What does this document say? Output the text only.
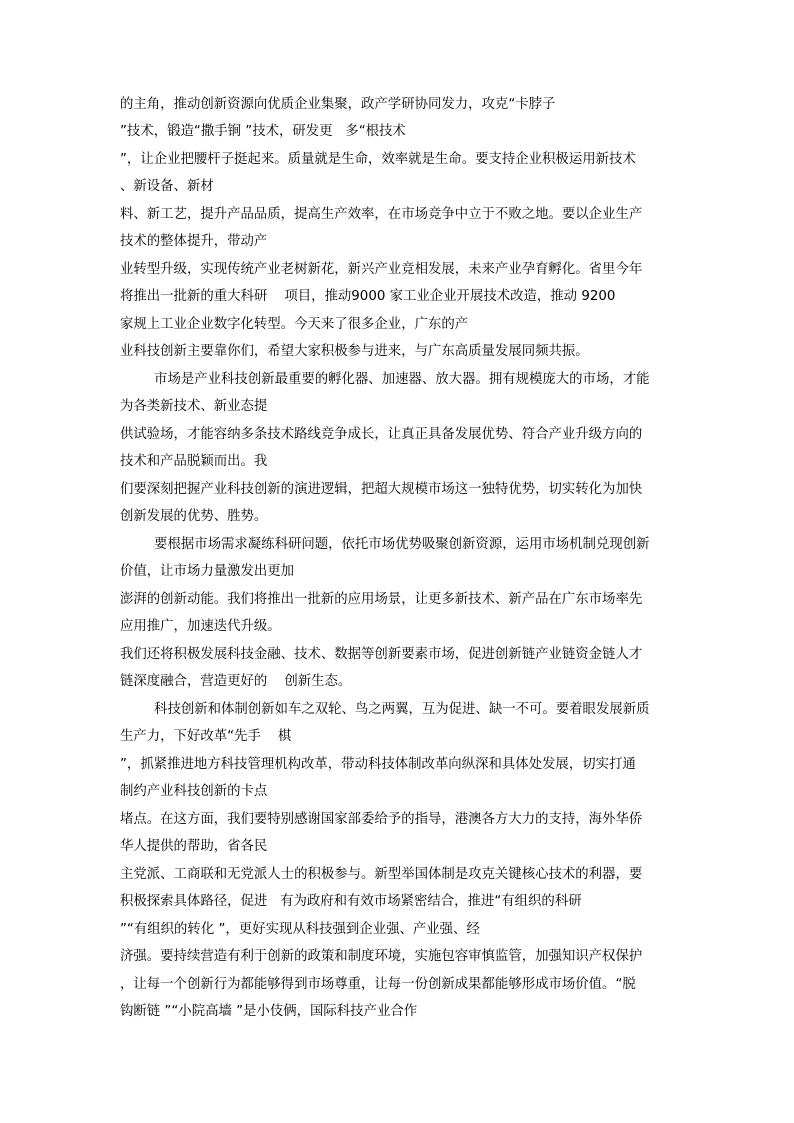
的主角，推动创新资源向优质企业集聚，政产学研协同发力，攻克“卡脖子
”技术，锻造“撒手锏 ”技术，研发更   多“根技术
”，让企业把腰杆子挺起来。质量就是生命，效率就是生命。要支持企业积极运用新技术
、新设备、新材
料、新工艺，提升产品品质，提高生产效率，在市场竞争中立于不败之地。要以企业生产
技术的整体提升，带动产
业转型升级，实现传统产业老树新花，新兴产业竞相发展，未来产业孕育孵化。省里今年
将推出一批新的重大科研    项目，推动9000 家工业企业开展技术改造，推动 9200
家规上工业企业数字化转型。今天来了很多企业，广东的产
业科技创新主要靠你们，希望大家积极参与进来，与广东高质量发展同频共振。
市场是产业科技创新最重要的孵化器、加速器、放大器。拥有规模庞大的市场，才能
为各类新技术、新业态提
供试验场，才能容纳多条技术路线竞争成长，让真正具备发展优势、符合产业升级方向的
技术和产品脱颖而出。我
们要深刻把握产业科技创新的演进逻辑，把超大规模市场这一独特优势，切实转化为加快
创新发展的优势、胜势。
要根据市场需求凝练科研问题，依托市场优势吸聚创新资源，运用市场机制兑现创新
价值，让市场力量激发出更加
澎湃的创新动能。我们将推出一批新的应用场景，让更多新技术、新产品在广东市场率先
应用推广，加速迭代升级。
我们还将积极发展科技金融、技术、数据等创新要素市场，促进创新链产业链资金链人才
链深度融合，营造更好的    创新生态。
科技创新和体制创新如车之双轮、鸟之两翼，互为促进、缺一不可。要着眼发展新质
生产力，下好改革“先手    棋
”，抓紧推进地方科技管理机构改革，带动科技体制改革向纵深和具体处发展，切实打通
制约产业科技创新的卡点
堵点。在这方面，我们要特别感谢国家部委给予的指导，港澳各方大力的支持，海外华侨
华人提供的帮助，省各民
主党派、工商联和无党派人士的积极参与。新型举国体制是攻克关键核心技术的利器，要
积极探索具体路径，促进   有为政府和有效市场紧密结合，推进“有组织的科研
”“有组织的转化 ”，更好实现从科技强到企业强、产业强、经
济强。要持续营造有利于创新的政策和制度环境，实施包容审慎监管，加强知识产权保护
，让每一个创新行为都能够得到市场尊重，让每一份创新成果都能够形成市场价值。“脱
钩断链 ”“小院高墙 ”是小伎俩，国际科技产业合作
